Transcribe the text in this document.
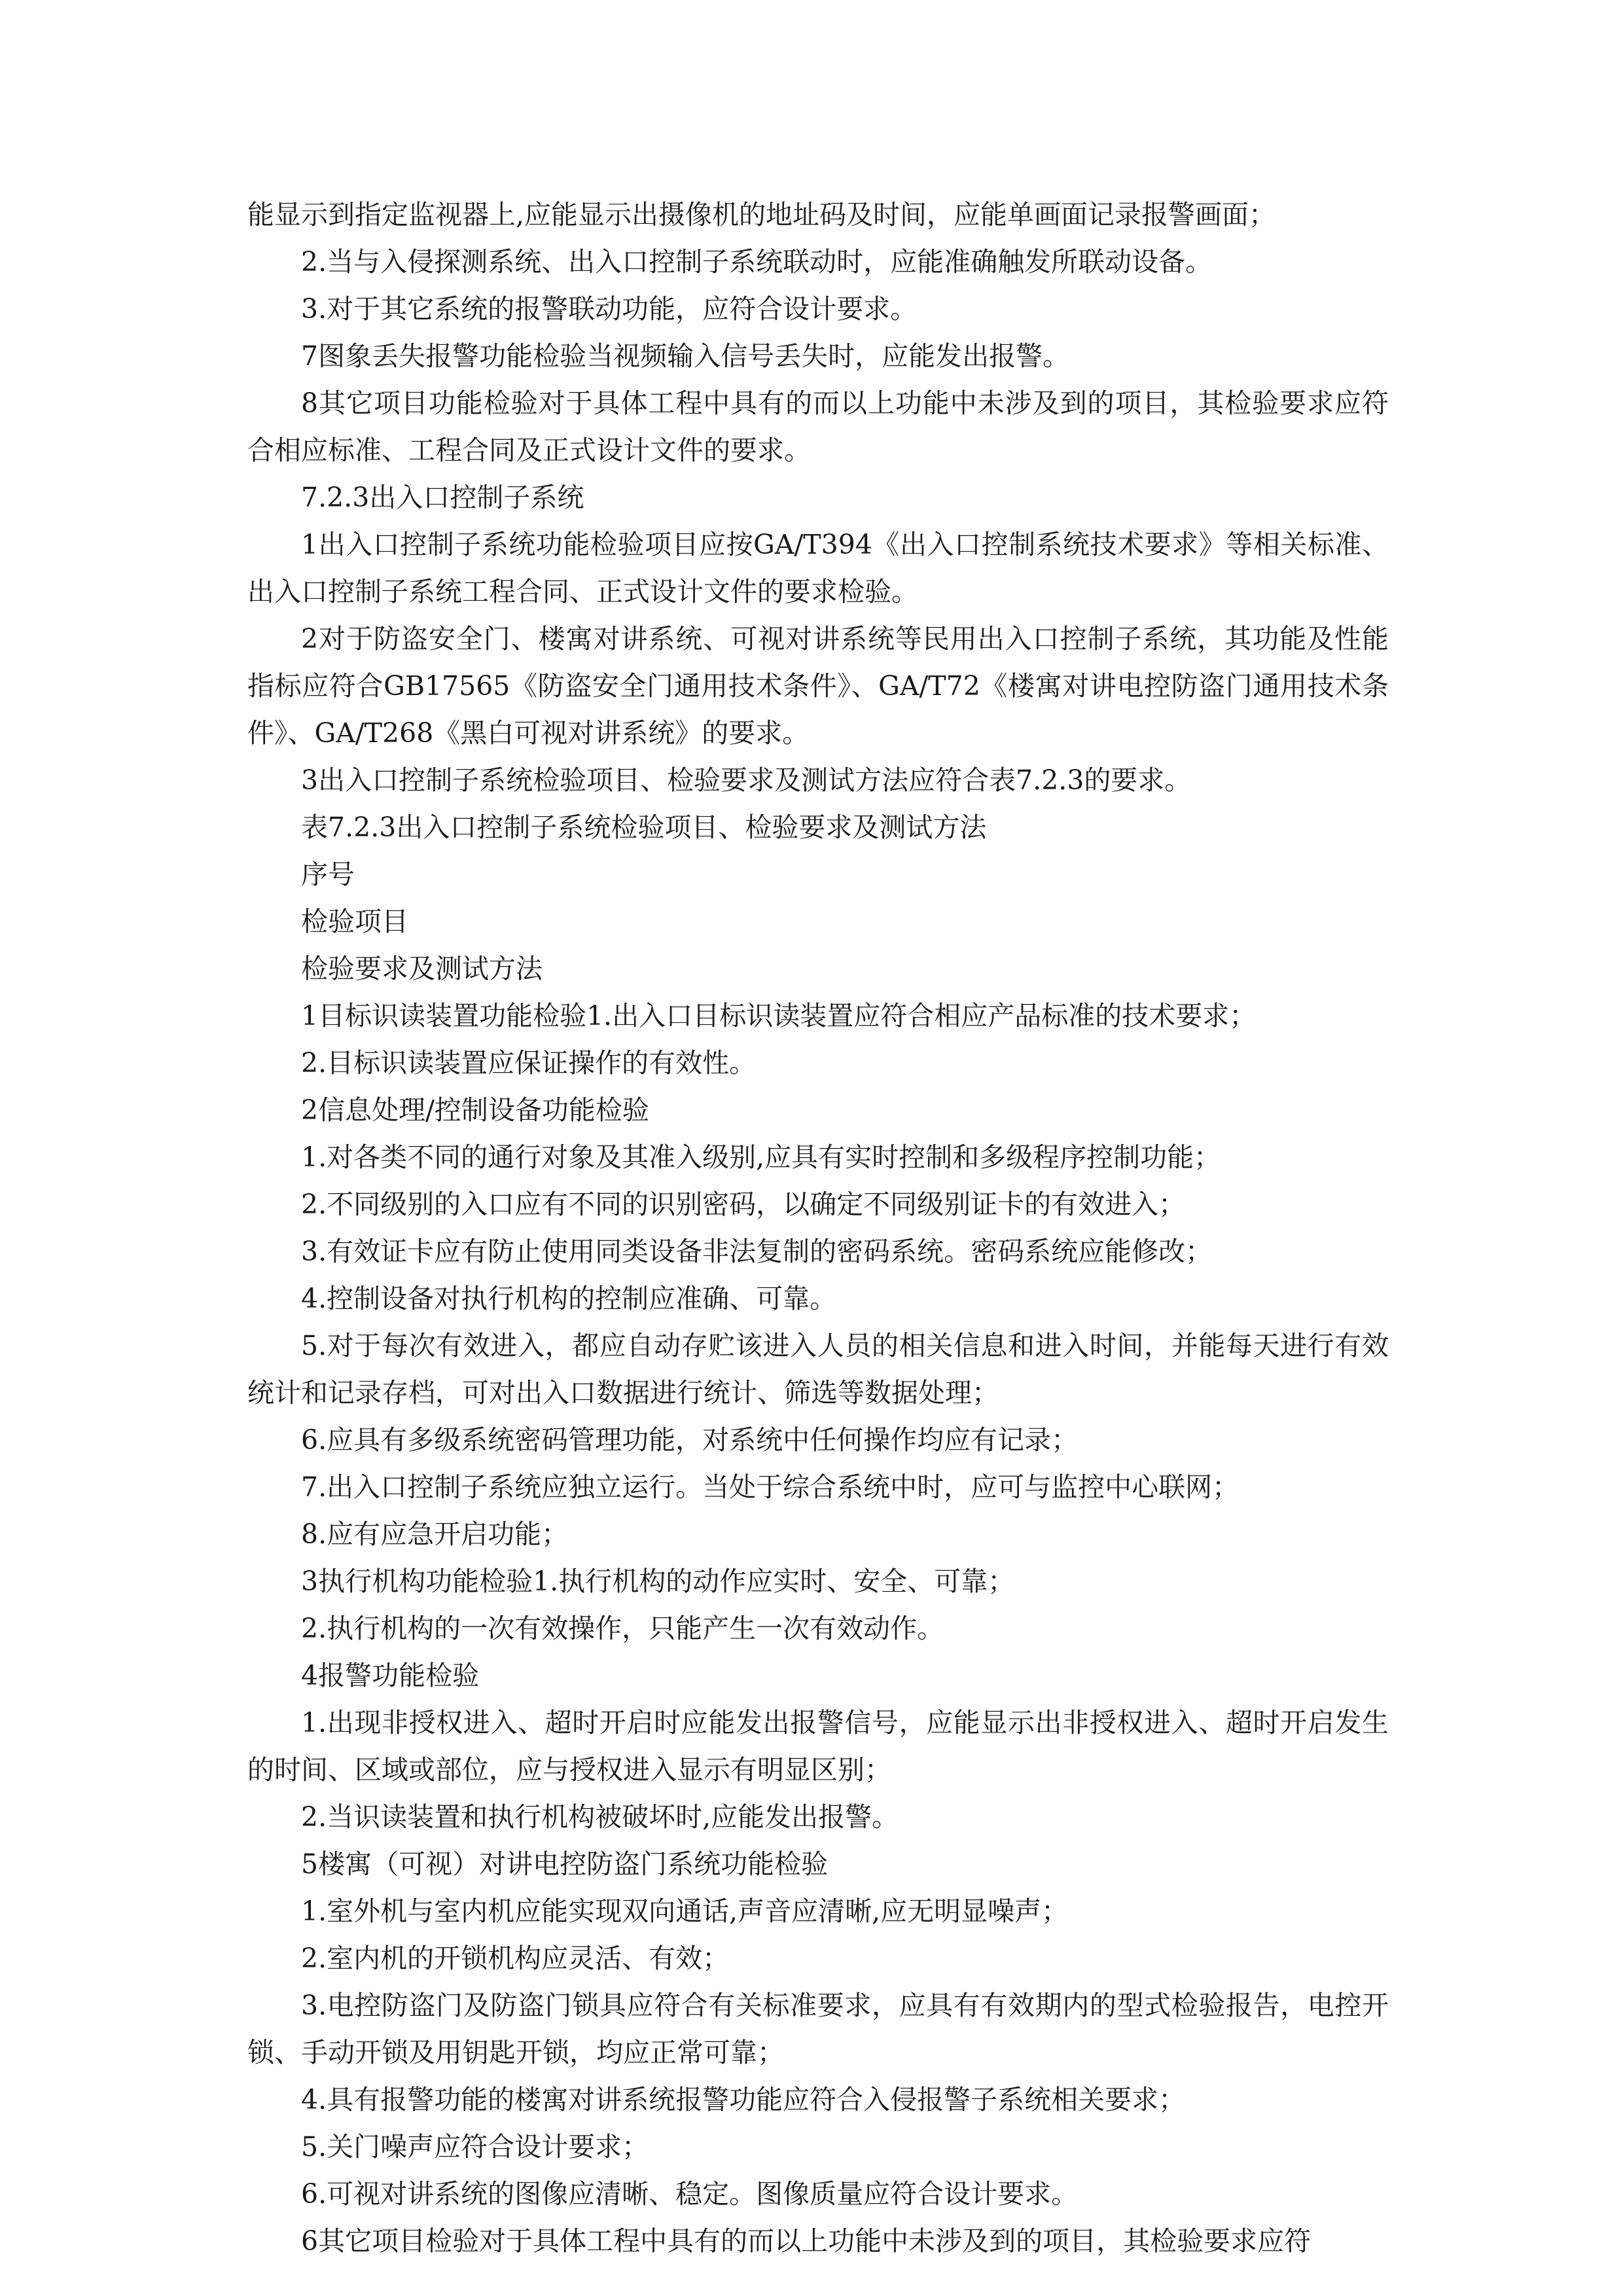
能显示到指定监视器上,应能显示出摄像机的地址码及时间，应能单画面记录报警画面；

2.当与入侵探测系统、出入口控制子系统联动时，应能准确触发所联动设备。

3.对于其它系统的报警联动功能，应符合设计要求。

7图象丢失报警功能检验当视频输入信号丢失时，应能发出报警。

8其它项目功能检验对于具体工程中具有的而以上功能中未涉及到的项目，其检验要求应符合相应标准、工程合同及正式设计文件的要求。

7.2.3出入口控制子系统

1出入口控制子系统功能检验项目应按GA/T394《出入口控制系统技术要求》等相关标准、出入口控制子系统工程合同、正式设计文件的要求检验。

2对于防盗安全门、楼寓对讲系统、可视对讲系统等民用出入口控制子系统，其功能及性能指标应符合GB17565《防盗安全门通用技术条件》、GA/T72《楼寓对讲电控防盗门通用技术条件》、GA/T268《黑白可视对讲系统》的要求。

3出入口控制子系统检验项目、检验要求及测试方法应符合表7.2.3的要求。

表7.2.3出入口控制子系统检验项目、检验要求及测试方法

序号

检验项目

检验要求及测试方法

1目标识读装置功能检验1.出入口目标识读装置应符合相应产品标准的技术要求；

2.目标识读装置应保证操作的有效性。

2信息处理/控制设备功能检验

1.对各类不同的通行对象及其准入级别,应具有实时控制和多级程序控制功能；

2.不同级别的入口应有不同的识别密码，以确定不同级别证卡的有效进入；

3.有效证卡应有防止使用同类设备非法复制的密码系统。密码系统应能修改；

4.控制设备对执行机构的控制应准确、可靠。

5.对于每次有效进入，都应自动存贮该进入人员的相关信息和进入时间，并能每天进行有效统计和记录存档，可对出入口数据进行统计、筛选等数据处理；

6.应具有多级系统密码管理功能，对系统中任何操作均应有记录；

7.出入口控制子系统应独立运行。当处于综合系统中时，应可与监控中心联网；

8.应有应急开启功能；

3执行机构功能检验1.执行机构的动作应实时、安全、可靠；

2.执行机构的一次有效操作，只能产生一次有效动作。

4报警功能检验

1.出现非授权进入、超时开启时应能发出报警信号，应能显示出非授权进入、超时开启发生的时间、区域或部位，应与授权进入显示有明显区别；

2.当识读装置和执行机构被破坏时,应能发出报警。

5楼寓（可视）对讲电控防盗门系统功能检验

1.室外机与室内机应能实现双向通话,声音应清晰,应无明显噪声；

2.室内机的开锁机构应灵活、有效；

3.电控防盗门及防盗门锁具应符合有关标准要求，应具有有效期内的型式检验报告，电控开锁、手动开锁及用钥匙开锁，均应正常可靠；

4.具有报警功能的楼寓对讲系统报警功能应符合入侵报警子系统相关要求；

5.关门噪声应符合设计要求；

6.可视对讲系统的图像应清晰、稳定。图像质量应符合设计要求。

6其它项目检验对于具体工程中具有的而以上功能中未涉及到的项目，其检验要求应符
